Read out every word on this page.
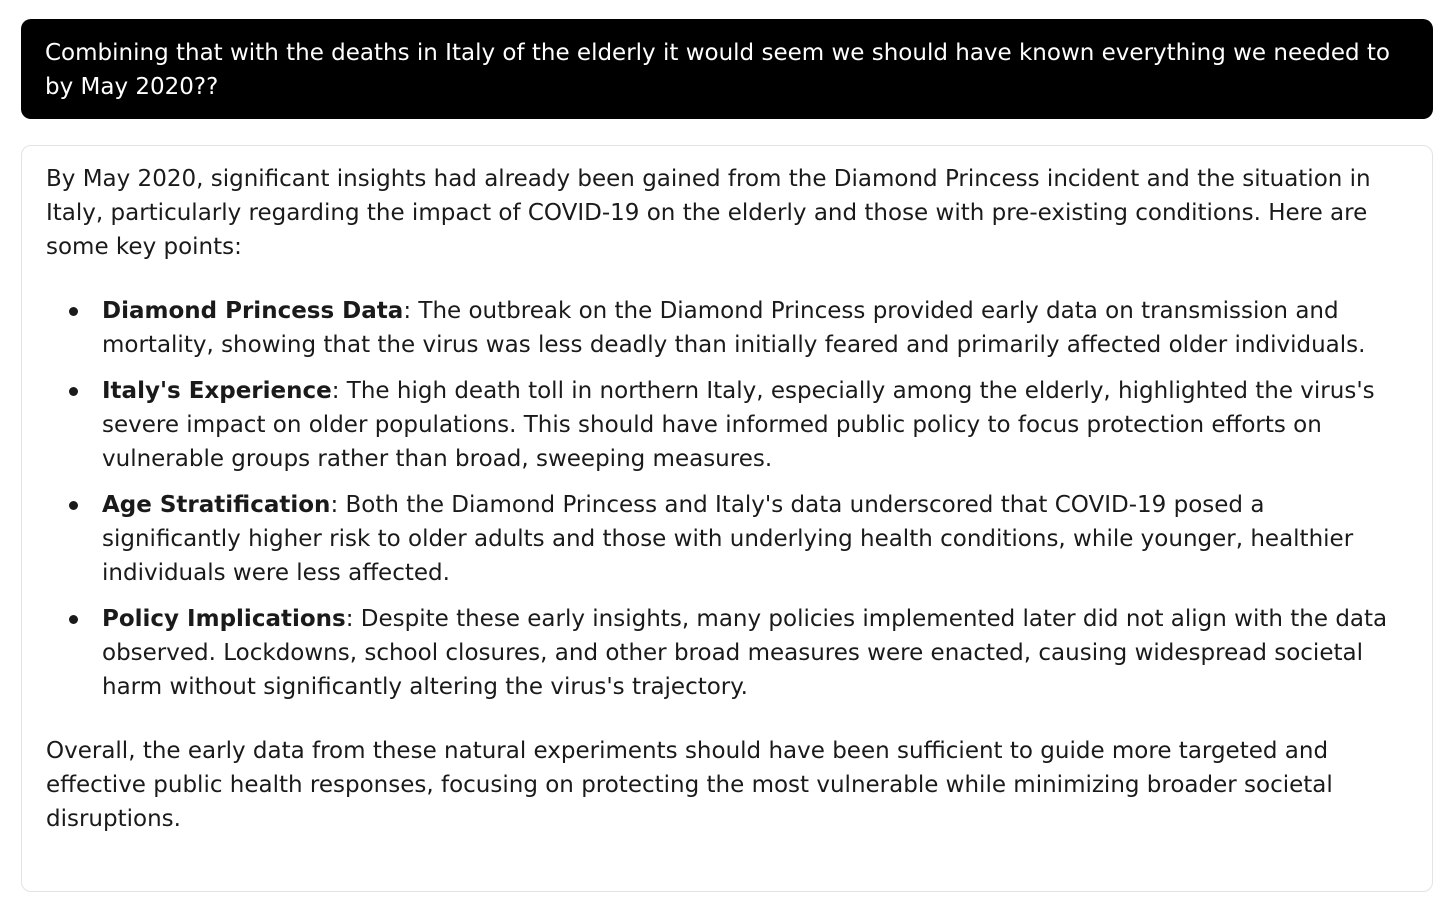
Combining that with the deaths in Italy of the elderly it would seem we should have known everything we needed to by May 2020??

By May 2020, significant insights had already been gained from the Diamond Princess incident and the situation in Italy, particularly regarding the impact of COVID-19 on the elderly and those with pre-existing conditions. Here are some key points:

Diamond Princess Data: The outbreak on the Diamond Princess provided early data on transmission and mortality, showing that the virus was less deadly than initially feared and primarily affected older individuals.
Italy's Experience: The high death toll in northern Italy, especially among the elderly, highlighted the virus's severe impact on older populations. This should have informed public policy to focus protection efforts on vulnerable groups rather than broad, sweeping measures.
Age Stratification: Both the Diamond Princess and Italy's data underscored that COVID-19 posed a significantly higher risk to older adults and those with underlying health conditions, while younger, healthier individuals were less affected.
Policy Implications: Despite these early insights, many policies implemented later did not align with the data observed. Lockdowns, school closures, and other broad measures were enacted, causing widespread societal harm without significantly altering the virus's trajectory.

Overall, the early data from these natural experiments should have been sufficient to guide more targeted and effective public health responses, focusing on protecting the most vulnerable while minimizing broader societal disruptions.
